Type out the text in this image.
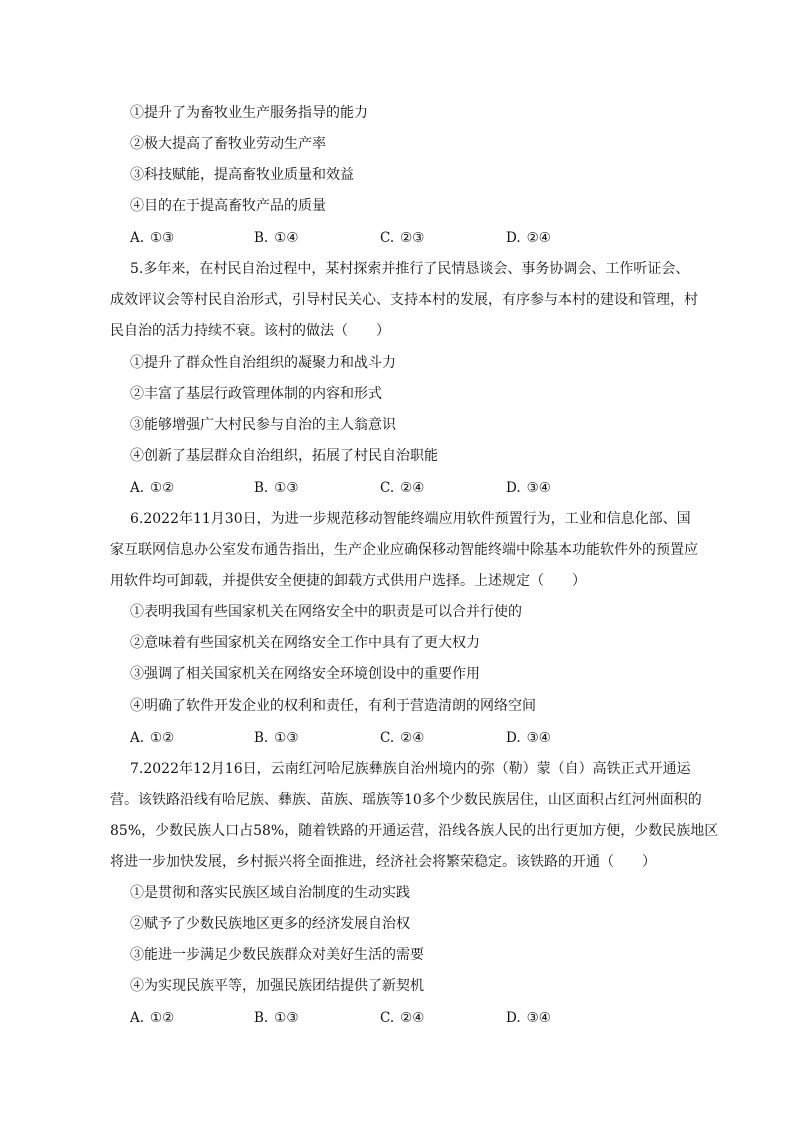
①提升了为畜牧业生产服务指导的能力
②极大提高了畜牧业劳动生产率
③科技赋能，提高畜牧业质量和效益
④目的在于提高畜牧产品的质量
A. ①③	B. ①④	C. ②③	D. ②④
5.多年来，在村民自治过程中，某村探索并推行了民情恳谈会、事务协调会、工作听证会、
成效评议会等村民自治形式，引导村民关心、支持本村的发展，有序参与本村的建设和管理，村
民自治的活力持续不衰。该村的做法（　　）
①提升了群众性自治组织的凝聚力和战斗力
②丰富了基层行政管理体制的内容和形式
③能够增强广大村民参与自治的主人翁意识
④创新了基层群众自治组织，拓展了村民自治职能
A. ①②	B. ①③	C. ②④	D. ③④
6.2022年11月30日，为进一步规范移动智能终端应用软件预置行为，工业和信息化部、国
家互联网信息办公室发布通告指出，生产企业应确保移动智能终端中除基本功能软件外的预置应
用软件均可卸载，并提供安全便捷的卸载方式供用户选择。上述规定（　　）
①表明我国有些国家机关在网络安全中的职责是可以合并行使的
②意味着有些国家机关在网络安全工作中具有了更大权力
③强调了相关国家机关在网络安全环境创设中的重要作用
④明确了软件开发企业的权利和责任，有利于营造清朗的网络空间
A. ①②	B. ①③	C. ②④	D. ③④
7.2022年12月16日，云南红河哈尼族彝族自治州境内的弥（勒）蒙（自）高铁正式开通运
营。该铁路沿线有哈尼族、彝族、苗族、瑶族等10多个少数民族居住，山区面积占红河州面积的
85%，少数民族人口占58%，随着铁路的开通运营，沿线各族人民的出行更加方便，少数民族地区
将进一步加快发展，乡村振兴将全面推进，经济社会将繁荣稳定。该铁路的开通（　　）
①是贯彻和落实民族区域自治制度的生动实践
②赋予了少数民族地区更多的经济发展自治权
③能进一步满足少数民族群众对美好生活的需要
④为实现民族平等，加强民族团结提供了新契机
A. ①②	B. ①③	C. ②④	D. ③④
